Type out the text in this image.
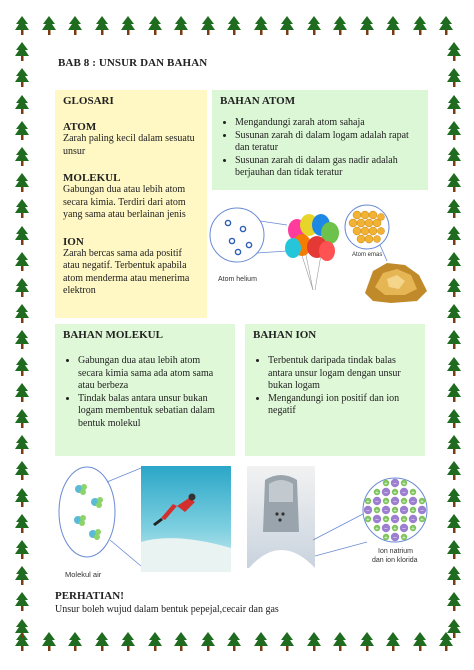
BAB 8 : UNSUR DAN BAHAN
GLOSARI
ATOM
Zarah paling kecil dalam sesuatu unsur
MOLEKUL
Gabungan dua atau lebih atom secara kimia. Terdiri dari atom yang sama atau berlainan jenis
ION
Zarah bercas sama ada positif atau negatif. Terbentuk apabila atom menderma atau menerima elektron
BAHAN ATOM
• Mengandungi zarah atom sahaja
• Susunan zarah di dalam logam adalah rapat dan teratur
• Susunan zarah di dalam gas nadir adalah berjauhan dan tidak teratur
Atom helium
Atom emas
BAHAN MOLEKUL
• Gabungan dua atau lebih atom secara kimia sama ada atom sama atau berbeza
• Tindak balas antara unsur bukan logam membentuk sebatian dalam bentuk molekul
BAHAN ION
• Terbentuk daripada tindak balas antara unsur logam dengan unsur bukan logam
• Mengandungi ion positif dan ion negatif
Molekul air
+ − +
+ − + − +
+ − + − + − +
− + − + − + −
+ − + − + − +
+ − + − +
+ − +
Ion natrium
dan ion klorida
PERHATIAN!
Unsur boleh wujud dalam bentuk pepejal,cecair dan gas
